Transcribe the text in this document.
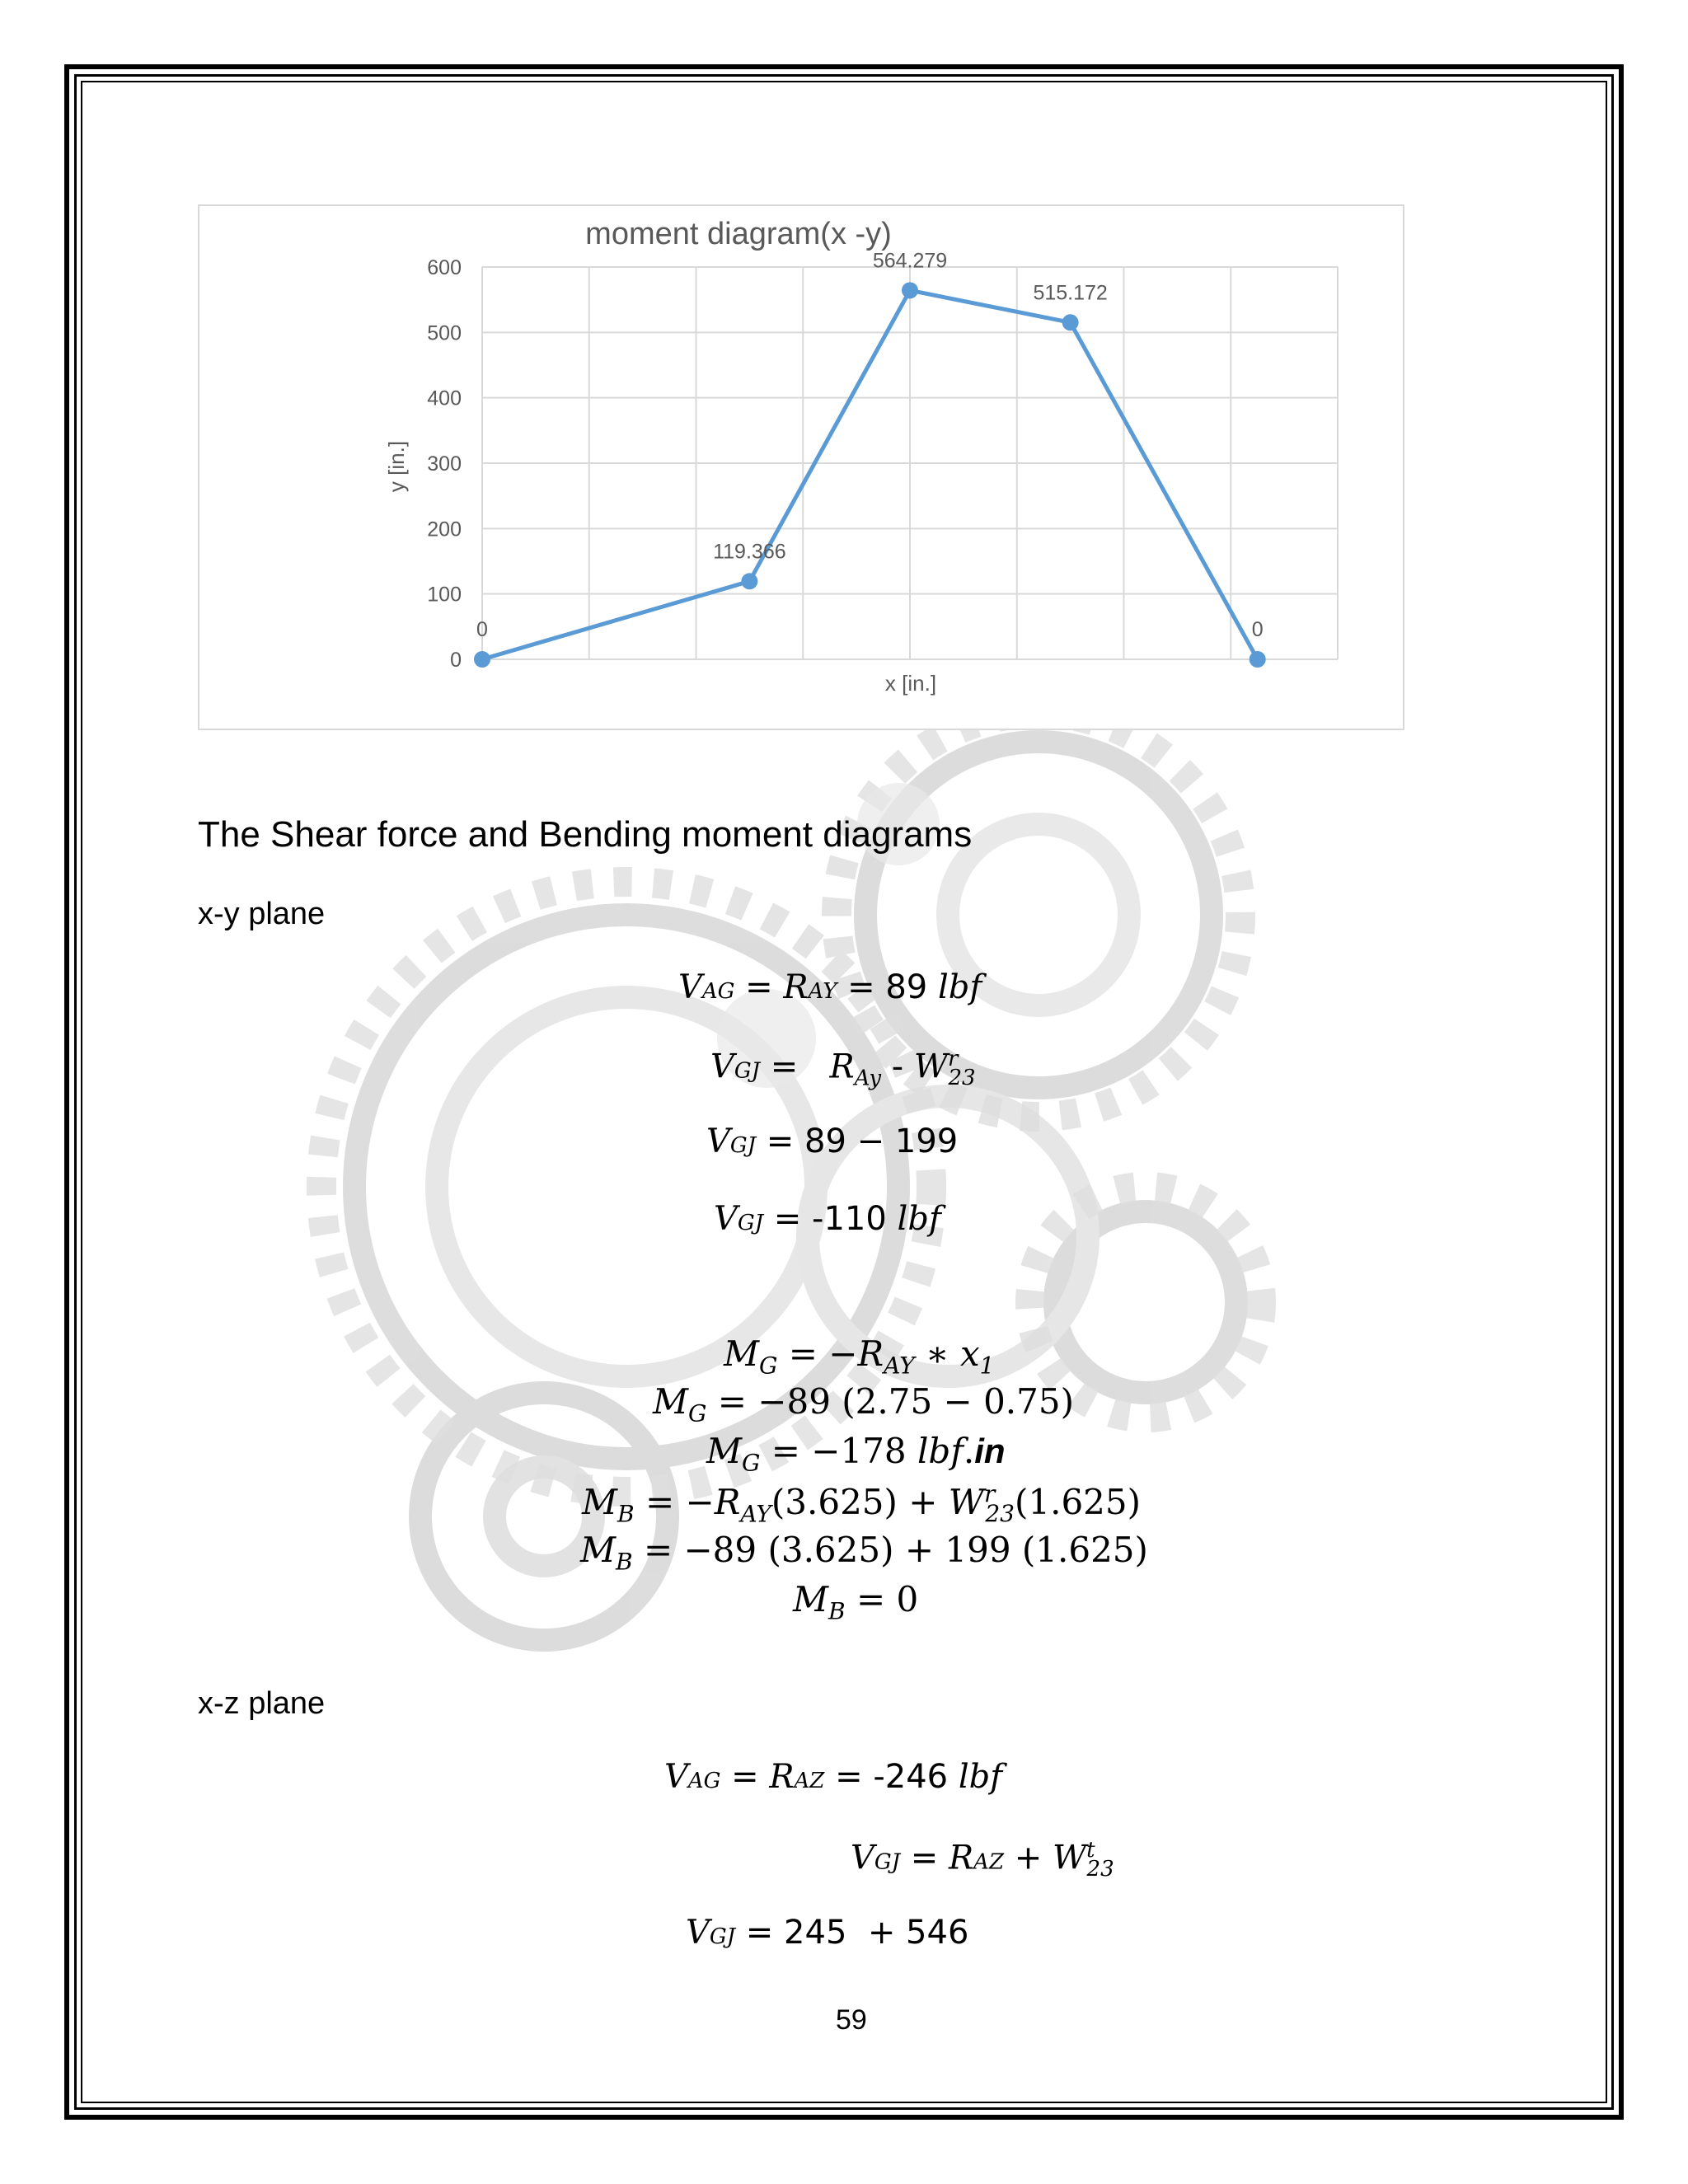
moment diagram(x -y)
y [in.]
x [in.]
0
100
200
300
400
500
600
0
119.366
564.279
515.172
0
The Shear force and Bending moment diagrams
x-y plane
VAG = RAY = 89 lbf
VGJ =   $R_{Ay} - W^r_{23}$
VGJ = 89 − 199
VGJ = -110 lbf
$M_G = -R_{AY}$ ∗ $x_1$
$M_G = -89$ (2.75 − 0.75)
$M_G = -178$ lbf.in
$M_B = -R_{AY}(3.625) + W^r_{23}(1.625)$
$M_B = -89$ (3.625) + 199 (1.625)
$M_B = 0$
x-z plane
VAG = RAZ = -246 lbf
VGJ = RAZ + $W^t_{23}$
VGJ = 245  + 546
59
